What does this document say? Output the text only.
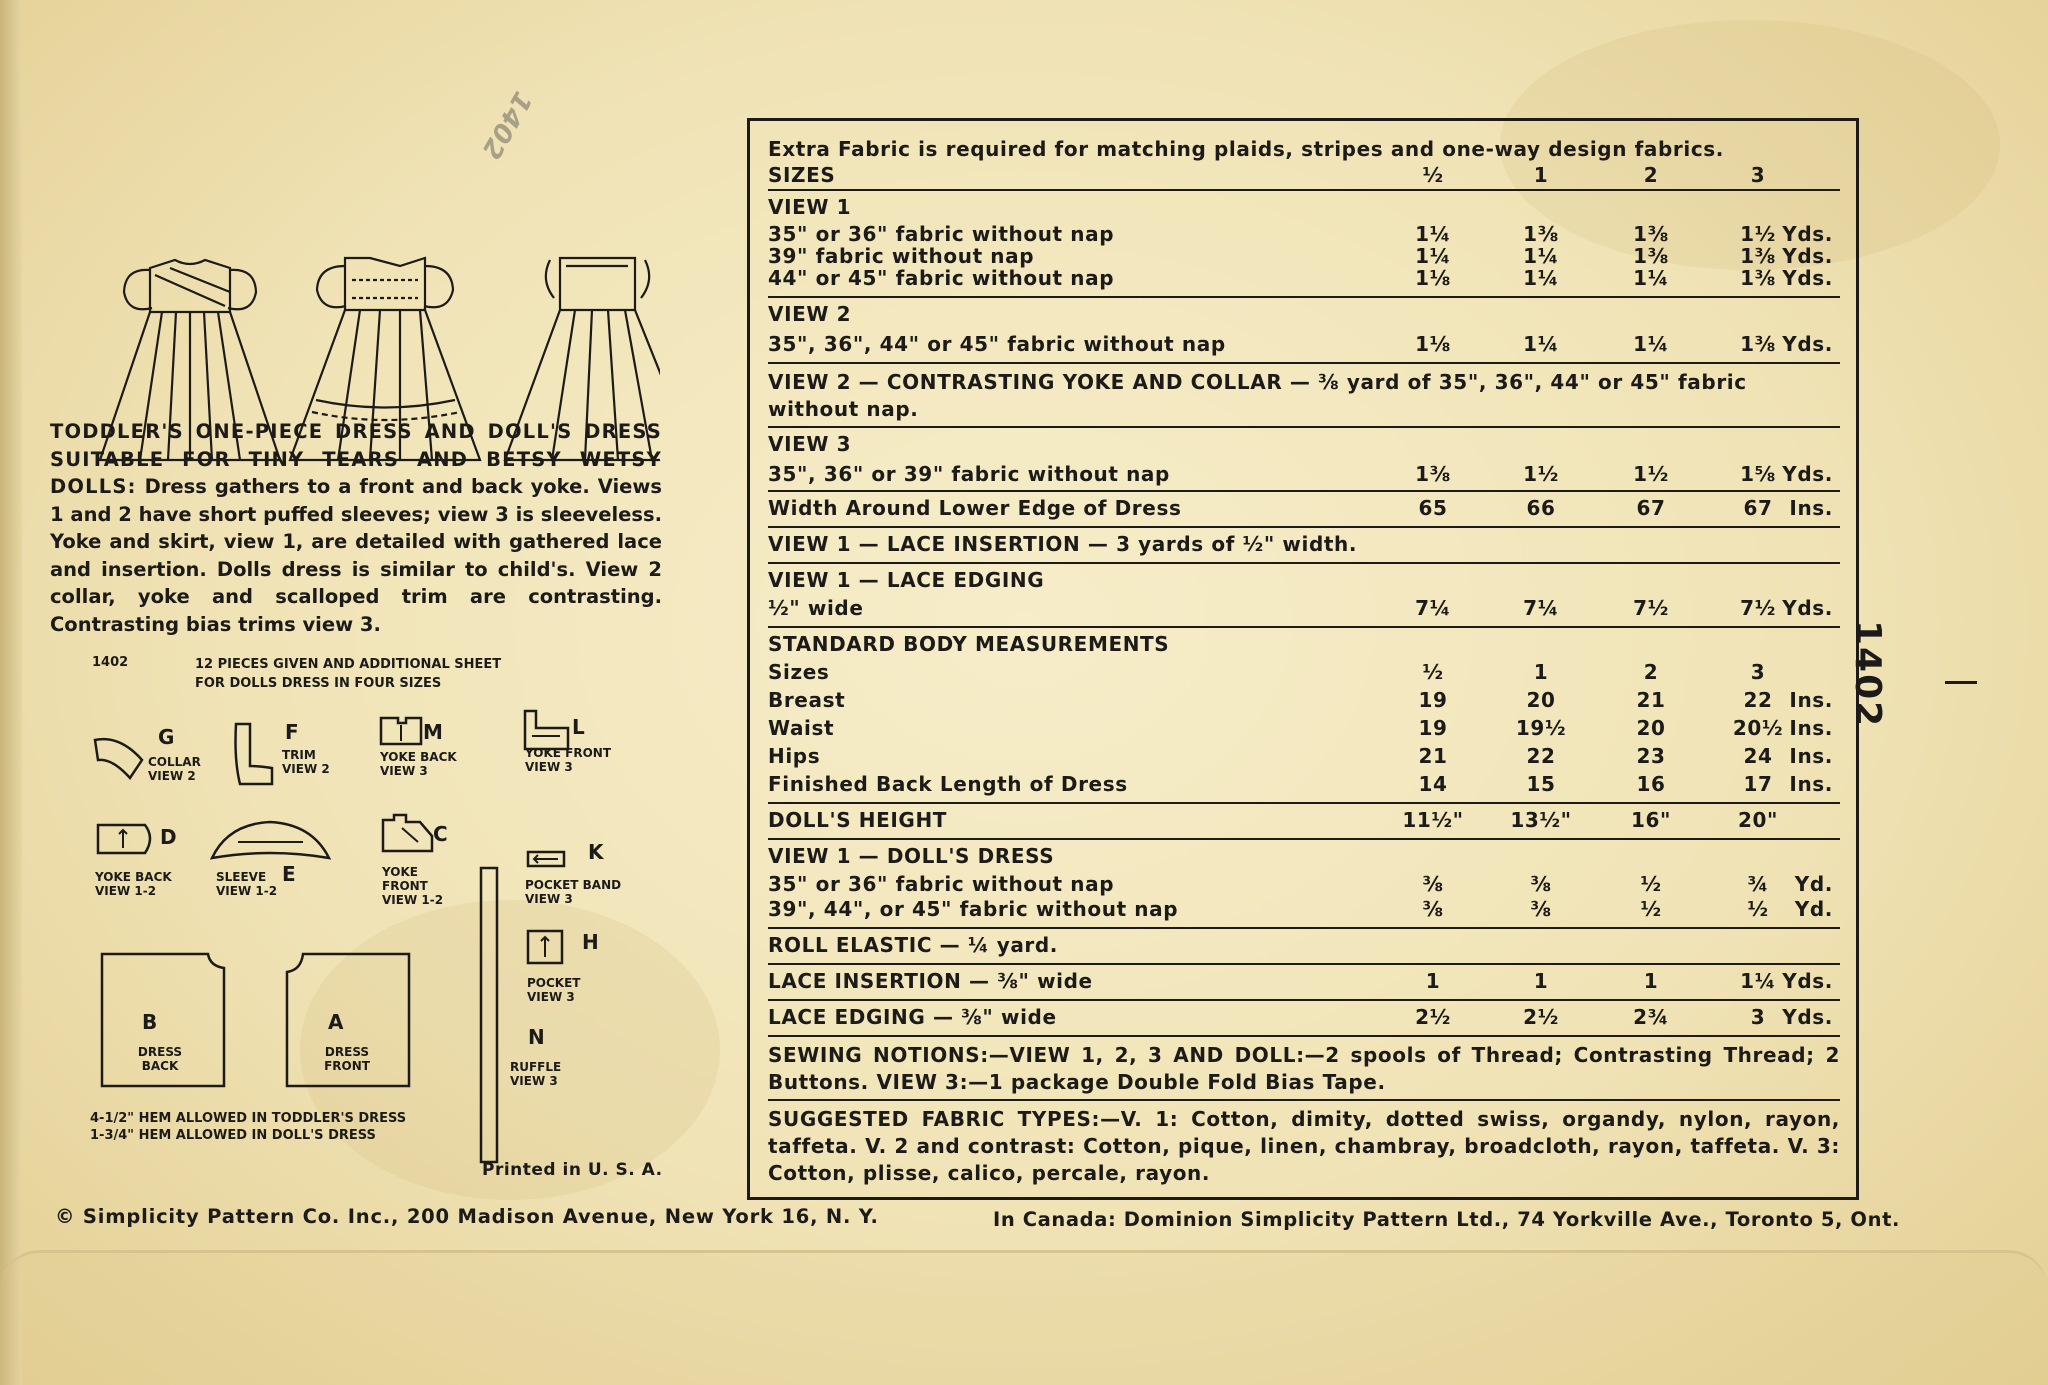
1402
TODDLER'S ONE-PIECE DRESS AND DOLL'S DRESS SUITABLE FOR TINY TEARS AND BETSY WETSY DOLLS: Dress gathers to a front and back yoke. Views 1 and 2 have short puffed sleeves; view 3 is sleeveless. Yoke and skirt, view 1, are detailed with gathered lace and insertion. Dolls dress is similar to child's. View 2 collar, yoke and scalloped trim are contrasting. Contrasting bias trims view 3.
1402	12 PIECES GIVEN AND ADDITIONAL SHEET FOR DOLLS DRESS IN FOUR SIZES
G
COLLAR VIEW 2
F
TRIM VIEW 2
M
YOKE BACK VIEW 3
L
YOKE FRONT VIEW 3
D
YOKE BACK VIEW 1-2
E
SLEEVE VIEW 1-2
C
YOKE FRONT VIEW 1-2
K
POCKET BAND VIEW 3
H
POCKET VIEW 3
N
RUFFLE VIEW 3
B
DRESS BACK
A
DRESS FRONT
4-1/2" HEM ALLOWED IN TODDLER'S DRESS
1-3/4" HEM ALLOWED IN DOLL'S DRESS
Printed in U. S. A.
Extra Fabric is required for matching plaids, stripes and one-way design fabrics.
SIZES	½	1	2	3
VIEW 1
35" or 36" fabric without nap	1¼	1⅜	1⅜	1½ Yds.
39" fabric without nap	1¼	1¼	1⅜	1⅜ Yds.
44" or 45" fabric without nap	1⅛	1¼	1¼	1⅜ Yds.
VIEW 2
35", 36", 44" or 45" fabric without nap	1⅛	1¼	1¼	1⅜ Yds.
VIEW 2 — CONTRASTING YOKE AND COLLAR — ⅜ yard of 35", 36", 44" or 45" fabric without nap.
VIEW 3
35", 36" or 39" fabric without nap	1⅜	1½	1½	1⅝ Yds.
Width Around Lower Edge of Dress	65	66	67	67 Ins.
VIEW 1 — LACE INSERTION — 3 yards of ½" width.
VIEW 1 — LACE EDGING
½" wide	7¼	7¼	7½	7½ Yds.
STANDARD BODY MEASUREMENTS
Sizes	½	1	2	3
Breast	19	20	21	22 Ins.
Waist	19	19½	20	20½ Ins.
Hips	21	22	23	24 Ins.
Finished Back Length of Dress	14	15	16	17 Ins.
DOLL'S HEIGHT	11½"	13½"	16"	20"
VIEW 1 — DOLL'S DRESS
35" or 36" fabric without nap	⅜	⅜	½	¾	Yd.
39", 44", or 45" fabric without nap	⅜	⅜	½	½	Yd.
ROLL ELASTIC — ¼ yard.
LACE INSERTION — ⅜" wide	1	1	1	1¼ Yds.
LACE EDGING — ⅜" wide	2½	2½	2¾	3 Yds.
SEWING NOTIONS:—VIEW 1, 2, 3 AND DOLL:—2 spools of Thread; Contrasting Thread; 2 Buttons. VIEW 3:—1 package Double Fold Bias Tape.
SUGGESTED FABRIC TYPES:—V. 1: Cotton, dimity, dotted swiss, organdy, nylon, rayon, taffeta. V. 2 and contrast: Cotton, pique, linen, chambray, broadcloth, rayon, taffeta. V. 3: Cotton, plisse, calico, percale, rayon.
1402
© Simplicity Pattern Co. Inc., 200 Madison Avenue, New York 16, N. Y.	In Canada: Dominion Simplicity Pattern Ltd., 74 Yorkville Ave., Toronto 5, Ont.
